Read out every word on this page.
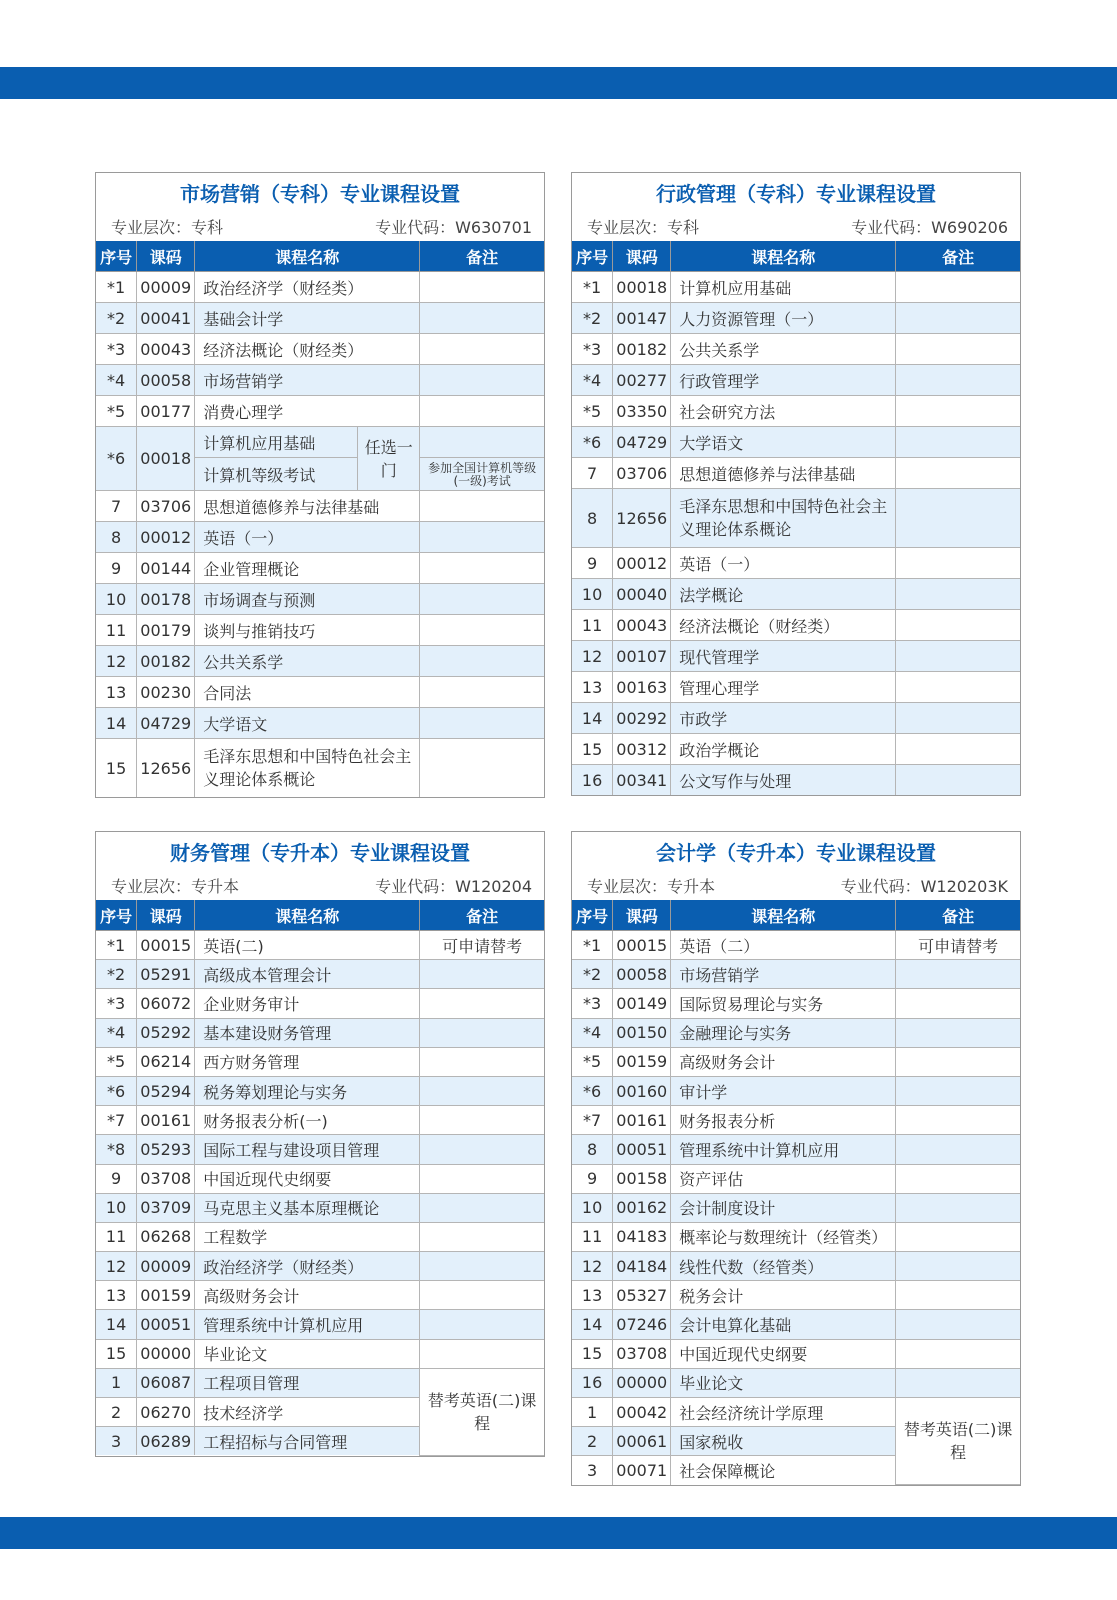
市场营销（专科）专业课程设置
专业层次：专科	专业代码：W630701
序号	课码	课程名称		备注
*1	00009	政治经济学（财经类）		
*2	00041	基础会计学		
*3	00043	经济法概论（财经类）		
*4	00058	市场营销学		
*5	00177	消费心理学		
*6	00018	计算机应用基础	任选一门	
		计算机等级考试		参加全国计算机等级(一级)考试
7	03706	思想道德修养与法律基础		
8	00012	英语（一）		
9	00144	企业管理概论		
10	00178	市场调查与预测		
11	00179	谈判与推销技巧		
12	00182	公共关系学		
13	00230	合同法		
14	04729	大学语文		
15	12656	毛泽东思想和中国特色社会主义理论体系概论		
行政管理（专科）专业课程设置
专业层次：专科	专业代码：W690206
序号	课码	课程名称	备注
*1	00018	计算机应用基础	
*2	00147	人力资源管理（一）	
*3	00182	公共关系学	
*4	00277	行政管理学	
*5	03350	社会研究方法	
*6	04729	大学语文	
7	03706	思想道德修养与法律基础	
8	12656	毛泽东思想和中国特色社会主义理论体系概论	
9	00012	英语（一）	
10	00040	法学概论	
11	00043	经济法概论（财经类）	
12	00107	现代管理学	
13	00163	管理心理学	
14	00292	市政学	
15	00312	政治学概论	
16	00341	公文写作与处理	
财务管理（专升本）专业课程设置
专业层次：专升本	专业代码：W120204
序号	课码	课程名称	备注
*1	00015	英语(二)	可申请替考
*2	05291	高级成本管理会计	
*3	06072	企业财务审计	
*4	05292	基本建设财务管理	
*5	06214	西方财务管理	
*6	05294	税务筹划理论与实务	
*7	00161	财务报表分析(一)	
*8	05293	国际工程与建设项目管理	
9	03708	中国近现代史纲要	
10	03709	马克思主义基本原理概论	
11	06268	工程数学	
12	00009	政治经济学（财经类）	
13	00159	高级财务会计	
14	00051	管理系统中计算机应用	
15	00000	毕业论文	
1	06087	工程项目管理	替考英语(二)课程
2	06270	技术经济学	
3	06289	工程招标与合同管理	
会计学（专升本）专业课程设置
专业层次：专升本	专业代码：W120203K
序号	课码	课程名称	备注
*1	00015	英语（二）	可申请替考
*2	00058	市场营销学	
*3	00149	国际贸易理论与实务	
*4	00150	金融理论与实务	
*5	00159	高级财务会计	
*6	00160	审计学	
*7	00161	财务报表分析	
8	00051	管理系统中计算机应用	
9	00158	资产评估	
10	00162	会计制度设计	
11	04183	概率论与数理统计（经管类）	
12	04184	线性代数（经管类）	
13	05327	税务会计	
14	07246	会计电算化基础	
15	03708	中国近现代史纲要	
16	00000	毕业论文	
1	00042	社会经济统计学原理	替考英语(二)课程
2	00061	国家税收	
3	00071	社会保障概论	
